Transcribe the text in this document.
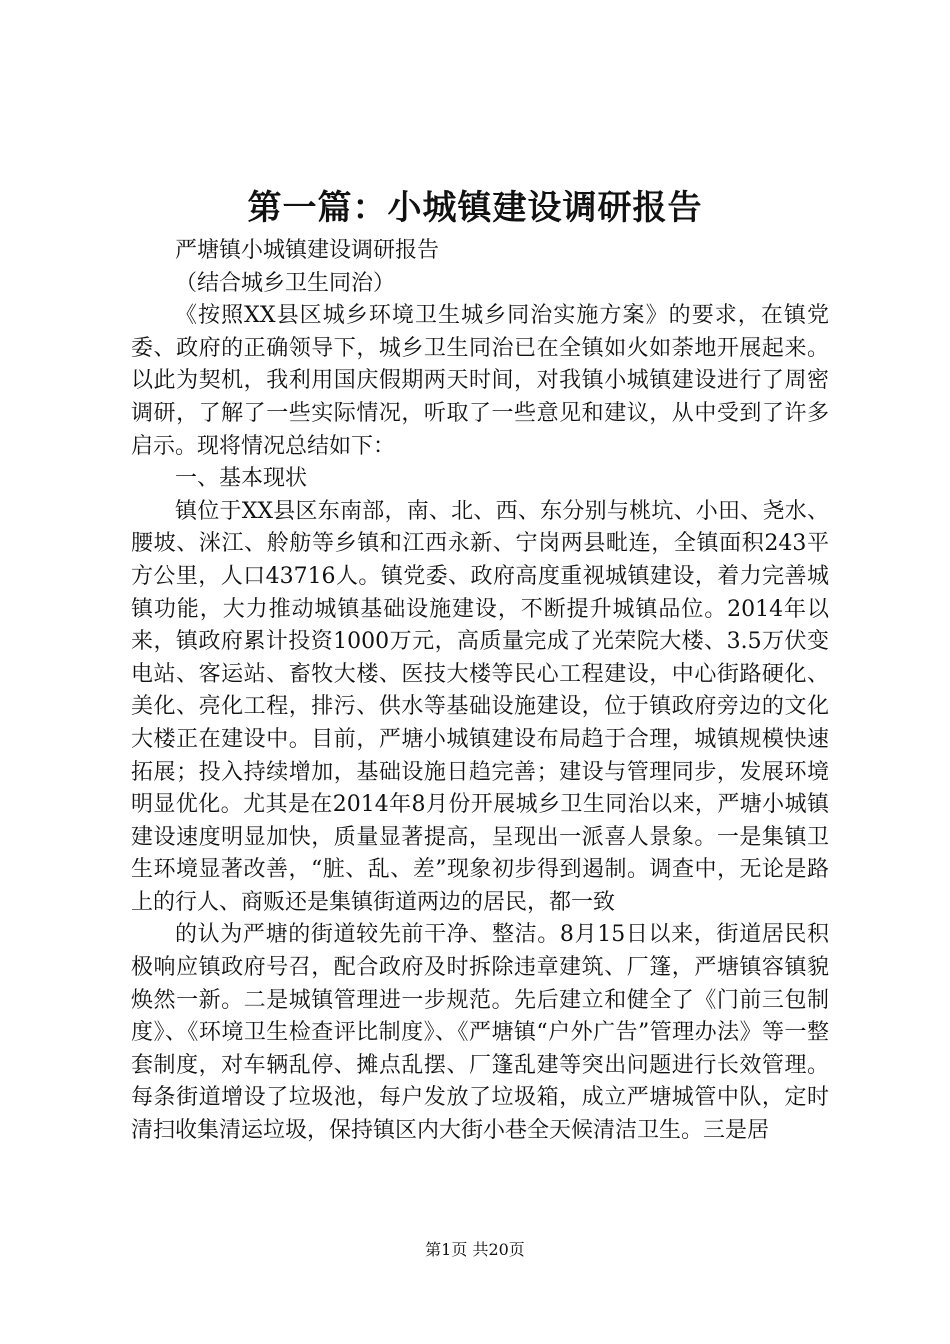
第一篇：小城镇建设调研报告

严塘镇小城镇建设调研报告

（结合城乡卫生同治）

《按照XX县区城乡环境卫生城乡同治实施方案》的要求，在镇党委、政府的正确领导下，城乡卫生同治已在全镇如火如荼地开展起来。以此为契机，我利用国庆假期两天时间，对我镇小城镇建设进行了周密调研，了解了一些实际情况，听取了一些意见和建议，从中受到了许多启示。现将情况总结如下：

一、基本现状

镇位于XX县区东南部，南、北、西、东分别与桃坑、小田、尧水、腰坡、洣江、舲舫等乡镇和江西永新、宁岗两县毗连，全镇面积243平方公里，人口43716人。镇党委、政府高度重视城镇建设，着力完善城镇功能，大力推动城镇基础设施建设，不断提升城镇品位。2014年以来，镇政府累计投资1000万元，高质量完成了光荣院大楼、3.5万伏变电站、客运站、畜牧大楼、医技大楼等民心工程建设，中心街路硬化、美化、亮化工程，排污、供水等基础设施建设，位于镇政府旁边的文化大楼正在建设中。目前，严塘小城镇建设布局趋于合理，城镇规模快速拓展；投入持续增加，基础设施日趋完善；建设与管理同步，发展环境明显优化。尤其是在2014年8月份开展城乡卫生同治以来，严塘小城镇建设速度明显加快，质量显著提高，呈现出一派喜人景象。一是集镇卫生环境显著改善，“脏、乱、差”现象初步得到遏制。调查中，无论是路上的行人、商贩还是集镇街道两边的居民，都一致

的认为严塘的街道较先前干净、整洁。8月15日以来，街道居民积极响应镇政府号召，配合政府及时拆除违章建筑、厂篷，严塘镇容镇貌焕然一新。二是城镇管理进一步规范。先后建立和健全了《门前三包制度》、《环境卫生检查评比制度》、《严塘镇“户外广告”管理办法》等一整套制度，对车辆乱停、摊点乱摆、厂篷乱建等突出问题进行长效管理。每条街道增设了垃圾池，每户发放了垃圾箱，成立严塘城管中队，定时清扫收集清运垃圾，保持镇区内大街小巷全天候清洁卫生。三是居

第1页 共20页
